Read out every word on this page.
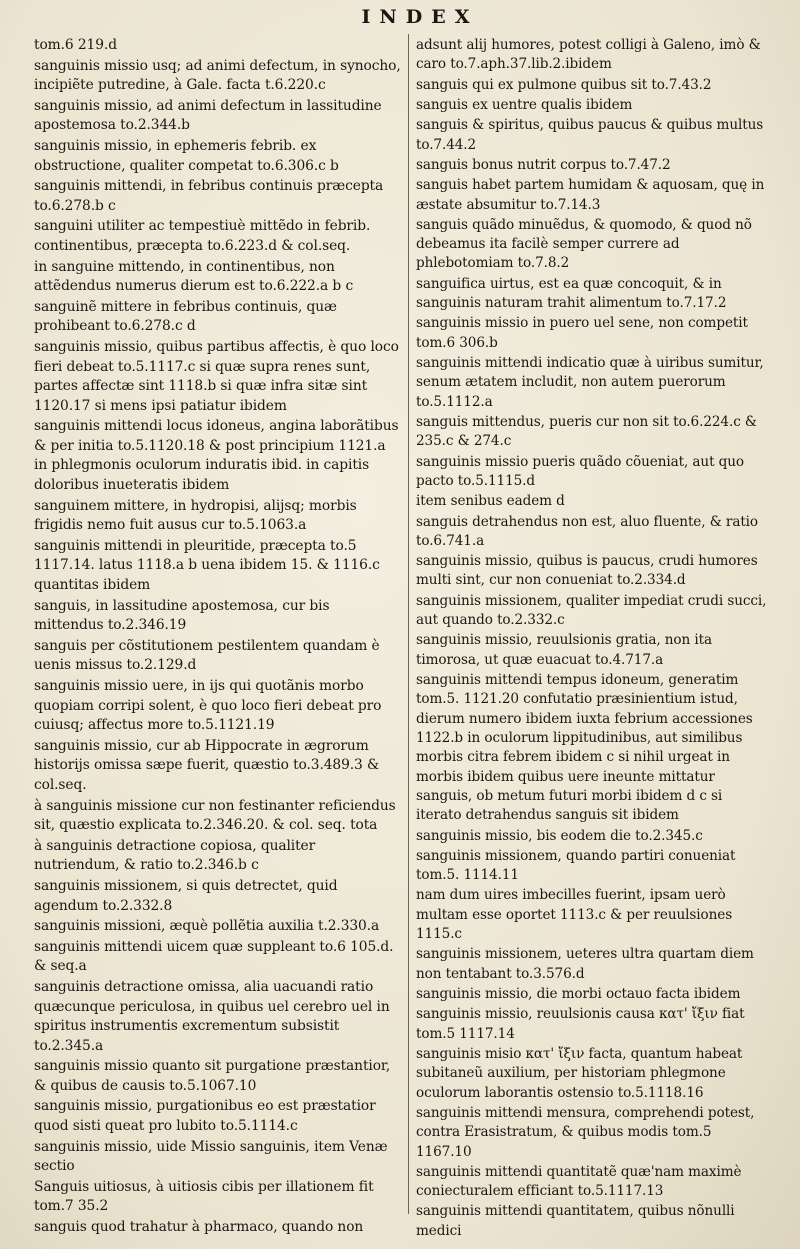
INDEX
tom.6 219.d
sanguinis missio usq; ad animi defectum, in synocho, incipiẽte putredine, à Gale. facta t.6.220.c
sanguinis missio, ad animi defectum in lassitudine apostemosa to.2.344.b
sanguinis missio, in ephemeris febrib. ex obstructione, qualiter competat to.6.306.c b
sanguinis mittendi, in febribus continuis præcepta to.6.278.b c
sanguini utiliter ac tempestiuè mittẽdo in febrib. continentibus, præcepta to.6.223.d & col.seq.
in sanguine mittendo, in continentibus, non attẽdendus numerus dierum est to.6.222.a b c
sanguinẽ mittere in febribus continuis, quæ prohibeant to.6.278.c d
sanguinis missio, quibus partibus affectis, è quo loco fieri debeat to.5.1117.c si quæ supra renes sunt, partes affectæ sint 1118.b si quæ infra sitæ sint 1120.17 si mens ipsi patiatur ibidem
sanguinis mittendi locus idoneus, angina laborãtibus & per initia to.5.1120.18 & post principium 1121.a in phlegmonis oculorum induratis ibid. in capitis doloribus inueteratis ibidem
sanguinem mittere, in hydropisi, alijsq; morbis frigidis nemo fuit ausus cur to.5.1063.a
sanguinis mittendi in pleuritide, præcepta to.5 1117.14. latus 1118.a b uena ibidem 15. & 1116.c quantitas ibidem
sanguis, in lassitudine apostemosa, cur bis mittendus to.2.346.19
sanguis per cõstitutionem pestilentem quandam è uenis missus to.2.129.d
sanguinis missio uere, in ijs qui quotãnis morbo quopiam corripi solent, è quo loco fieri debeat pro cuiusq; affectus more to.5.1121.19
sanguinis missio, cur ab Hippocrate in ægrorum historijs omissa sæpe fuerit, quæstio to.3.489.3 & col.seq.
à sanguinis missione cur non festinanter reficiendus sit, quæstio explicata to.2.346.20. & col. seq. tota
à sanguinis detractione copiosa, qualiter nutriendum, & ratio to.2.346.b c
sanguinis missionem, si quis detrectet, quid agendum to.2.332.8
sanguinis missioni, æquè pollẽtia auxilia t.2.330.a
sanguinis mittendi uicem quæ suppleant to.6 105.d. & seq.a
sanguinis detractione omissa, alia uacuandi ratio quæcunque periculosa, in quibus uel cerebro uel in spiritus instrumentis excrementum subsistit to.2.345.a
sanguinis missio quanto sit purgatione præstantior, & quibus de causis to.5.1067.10
sanguinis missio, purgationibus eo est præstatior quod sisti queat pro lubito to.5.1114.c
sanguinis missio, uide Missio sanguinis, item Venæ sectio
Sanguis uitiosus, à uitiosis cibis per illationem fit tom.7 35.2
sanguis quod trahatur à pharmaco, quando non
adsunt alij humores, potest colligi à Galeno, imò & caro to.7.aph.37.lib.2.ibidem
sanguis qui ex pulmone quibus sit to.7.43.2
sanguis ex uentre qualis ibidem
sanguis & spiritus, quibus paucus & quibus multus to.7.44.2
sanguis bonus nutrit corpus to.7.47.2
sanguis habet partem humidam & aquosam, quę in æstate absumitur to.7.14.3
sanguis quãdo minuẽdus, & quomodo, & quod nõ debeamus ita facilè semper currere ad phlebotomiam to.7.8.2
sanguifica uirtus, est ea quæ concoquit, & in sanguinis naturam trahit alimentum to.7.17.2
sanguinis missio in puero uel sene, non competit tom.6 306.b
sanguinis mittendi indicatio quæ à uiribus sumitur, senum ætatem includit, non autem puerorum to.5.1112.a
sanguis mittendus, pueris cur non sit to.6.224.c & 235.c & 274.c
sanguinis missio pueris quãdo cõueniat, aut quo pacto to.5.1115.d
item senibus eadem d
sanguis detrahendus non est, aluo fluente, & ratio to.6.741.a
sanguinis missio, quibus is paucus, crudi humores multi sint, cur non conueniat to.2.334.d
sanguinis missionem, qualiter impediat crudi succi, aut quando to.2.332.c
sanguinis missio, reuulsionis gratia, non ita timorosa, ut quæ euacuat to.4.717.a
sanguinis mittendi tempus idoneum, generatim tom.5. 1121.20 confutatio præsinientium istud, dierum numero ibidem iuxta febrium accessiones 1122.b in oculorum lippitudinibus, aut similibus morbis citra febrem ibidem c si nihil urgeat in morbis ibidem quibus uere ineunte mittatur sanguis, ob metum futuri morbi ibidem d c si iterato detrahendus sanguis sit ibidem
sanguinis missio, bis eodem die to.2.345.c
sanguinis missionem, quando partiri conueniat tom.5. 1114.11
nam dum uires imbecilles fuerint, ipsam uerò multam esse oportet 1113.c & per reuulsiones 1115.c
sanguinis missionem, ueteres ultra quartam diem non tentabant to.3.576.d
sanguinis missio, die morbi octauo facta ibidem
sanguinis missio, reuulsionis causa κατ' ἴξιν fiat tom.5 1117.14
sanguinis misio κατ' ἴξιν facta, quantum habeat subitaneũ auxilium, per historiam phlegmone oculorum laborantis ostensio to.5.1118.16
sanguinis mittendi mensura, comprehendi potest, contra Erasistratum, & quibus modis tom.5 1167.10
sanguinis mittendi quantitatẽ quæ'nam maximè coniecturalem efficiant to.5.1117.13
sanguinis mittendi quantitatem, quibus nõnulli medici
